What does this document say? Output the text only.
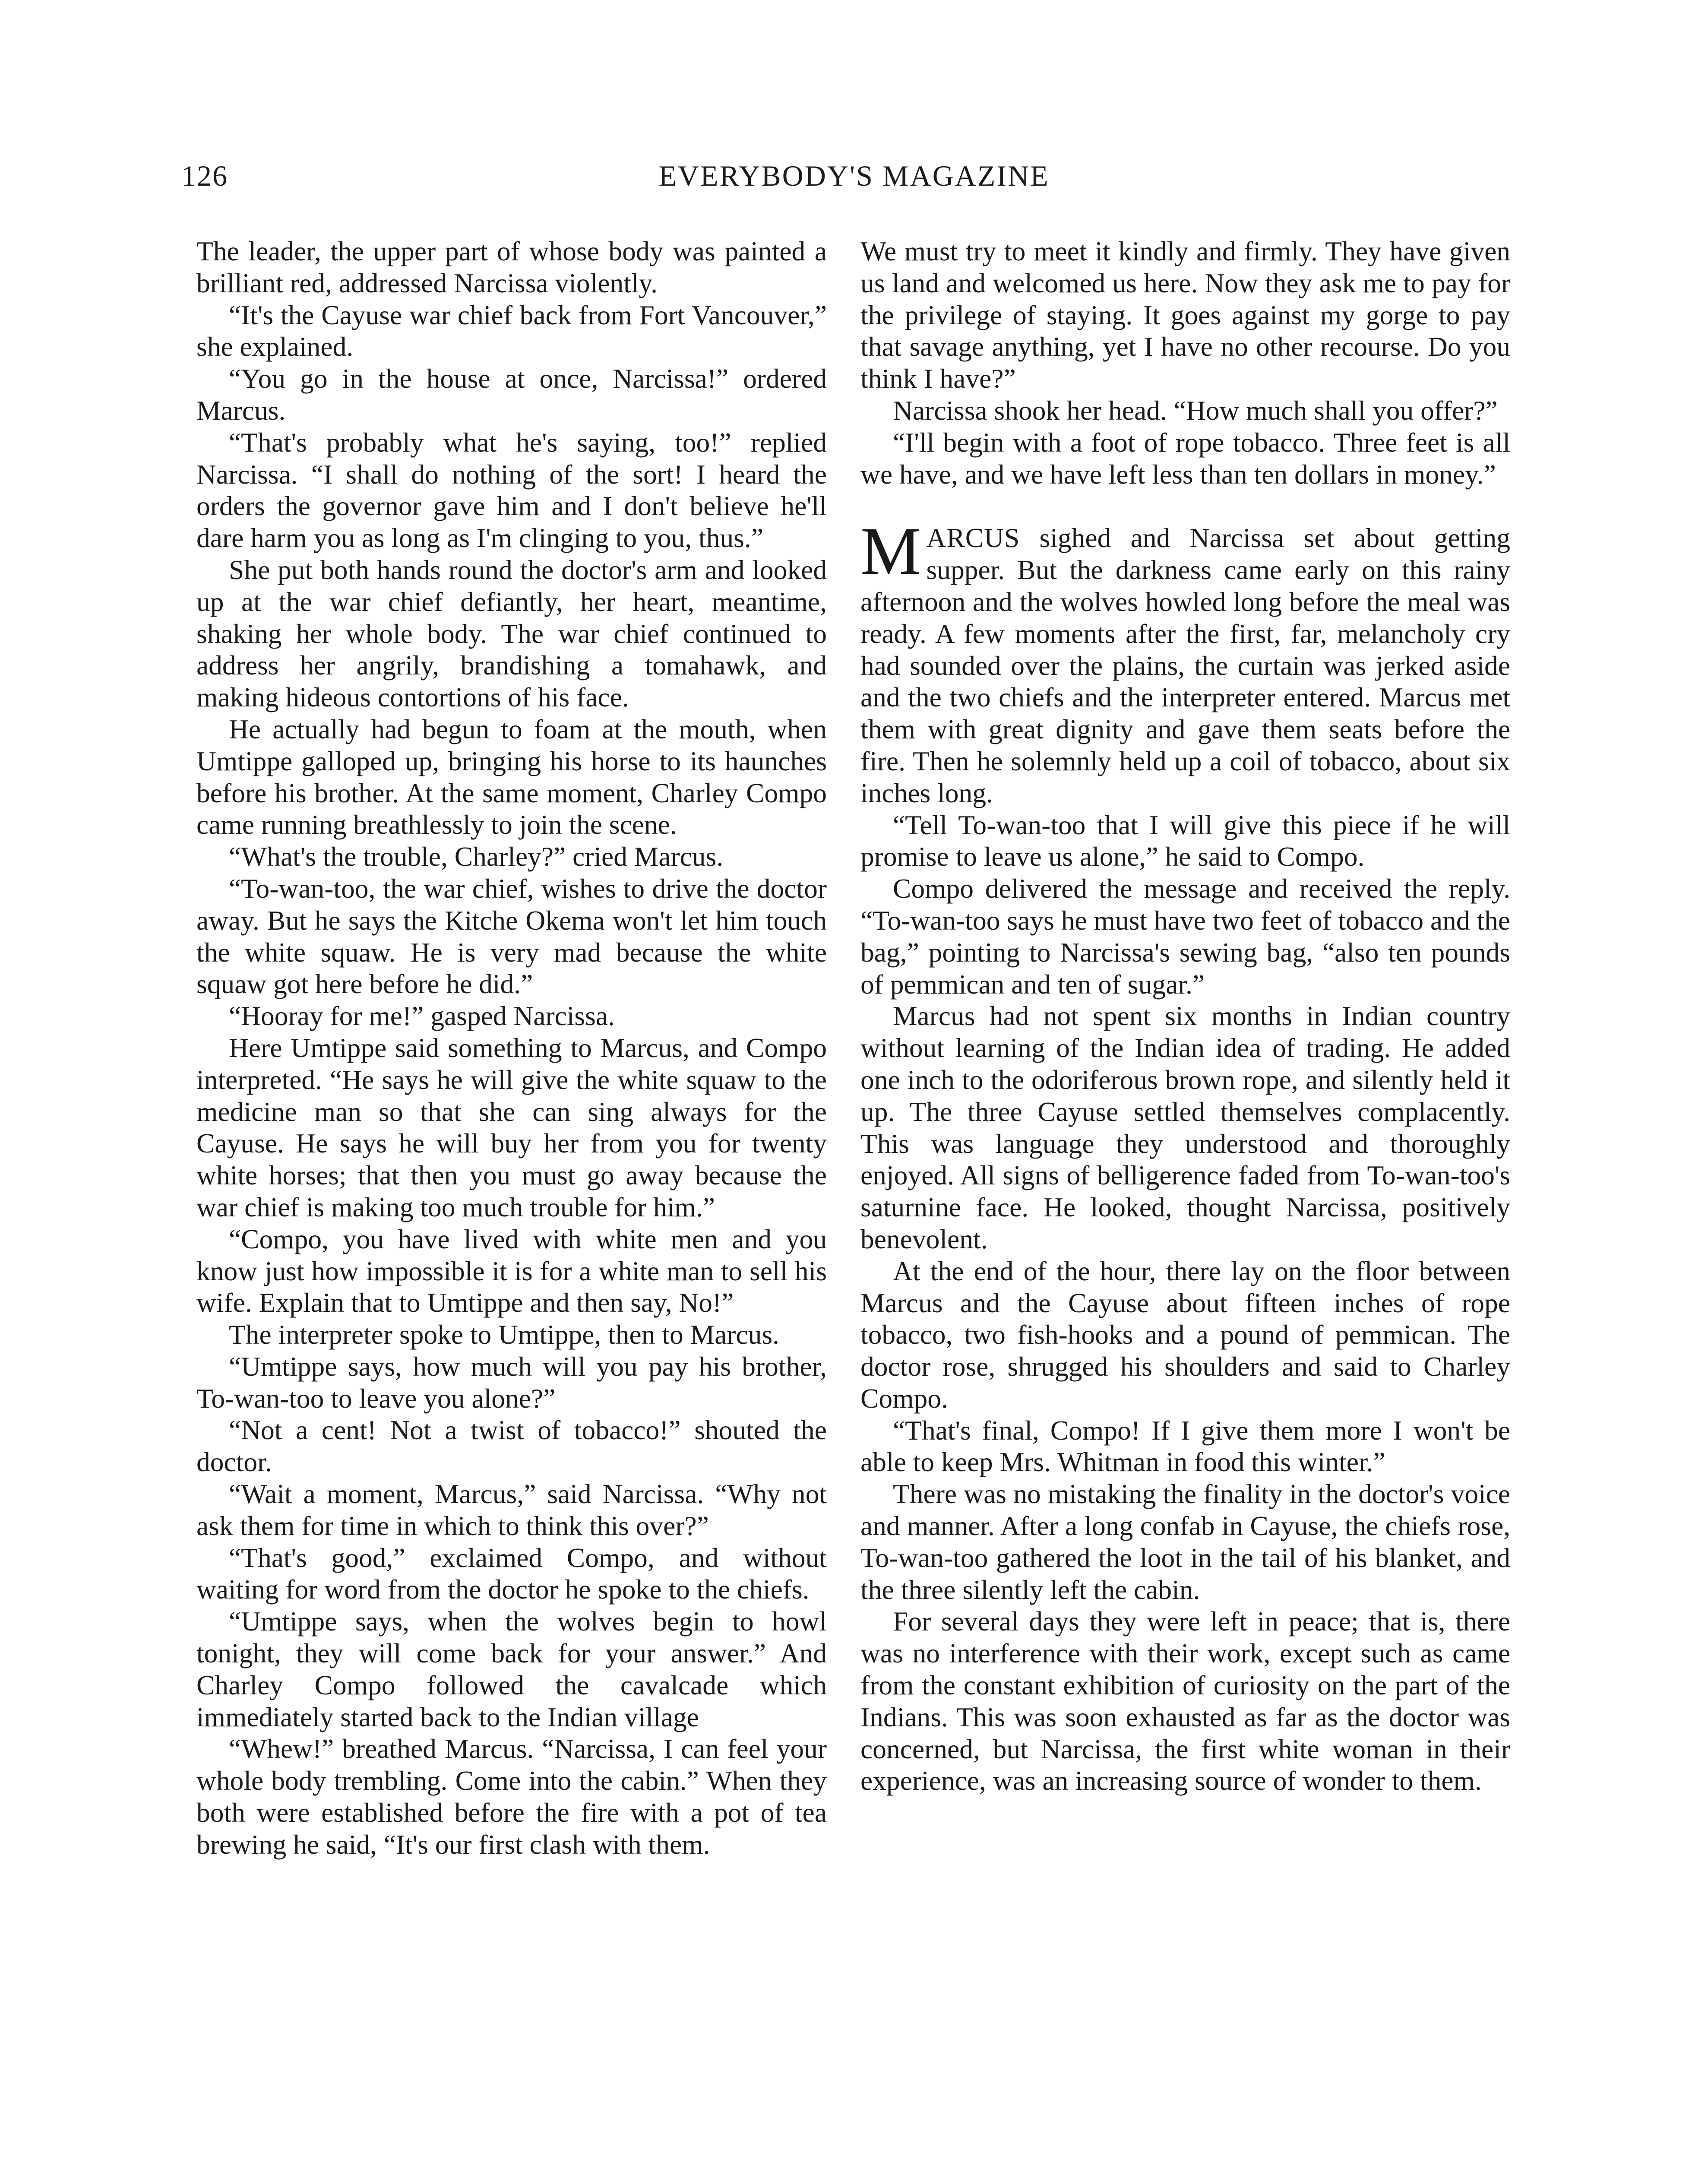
126	EVERYBODY'S MAGAZINE

The leader, the upper part of whose body was painted a brilliant red, addressed Narcissa violently.

“It's the Cayuse war chief back from Fort Vancouver,” she explained.

“You go in the house at once, Narcissa!” ordered Marcus.

“That's probably what he's saying, too!” replied Narcissa. “I shall do nothing of the sort! I heard the orders the governor gave him and I don't believe he'll dare harm you as long as I'm clinging to you, thus.”

She put both hands round the doctor's arm and looked up at the war chief defiantly, her heart, meantime, shaking her whole body. The war chief continued to address her angrily, brandishing a tomahawk, and making hideous contortions of his face.

He actually had begun to foam at the mouth, when Umtippe galloped up, bringing his horse to its haunches before his brother. At the same moment, Charley Compo came running breathlessly to join the scene.

“What's the trouble, Charley?” cried Marcus.

“To-wan-too, the war chief, wishes to drive the doctor away. But he says the Kitche Okema won't let him touch the white squaw. He is very mad because the white squaw got here before he did.”

“Hooray for me!” gasped Narcissa.

Here Umtippe said something to Marcus, and Compo interpreted. “He says he will give the white squaw to the medicine man so that she can sing always for the Cayuse. He says he will buy her from you for twenty white horses; that then you must go away because the war chief is making too much trouble for him.”

“Compo, you have lived with white men and you know just how impossible it is for a white man to sell his wife. Explain that to Umtippe and then say, No!”

The interpreter spoke to Umtippe, then to Marcus.

“Umtippe says, how much will you pay his brother, To-wan-too to leave you alone?”

“Not a cent! Not a twist of tobacco!” shouted the doctor.

“Wait a moment, Marcus,” said Narcissa. “Why not ask them for time in which to think this over?”

“That's good,” exclaimed Compo, and without waiting for word from the doctor he spoke to the chiefs.

“Umtippe says, when the wolves begin to howl tonight, they will come back for your answer.” And Charley Compo followed the cavalcade which immediately started back to the Indian village

“Whew!” breathed Marcus. “Narcissa, I can feel your whole body trembling. Come into the cabin.” When they both were established before the fire with a pot of tea brewing he said, “It's our first clash with them.

We must try to meet it kindly and firmly. They have given us land and welcomed us here. Now they ask me to pay for the privilege of staying. It goes against my gorge to pay that savage anything, yet I have no other recourse. Do you think I have?”

Narcissa shook her head. “How much shall you offer?”

“I'll begin with a foot of rope tobacco. Three feet is all we have, and we have left less than ten dollars in money.”

MARCUS sighed and Narcissa set about getting supper. But the darkness came early on this rainy afternoon and the wolves howled long before the meal was ready. A few moments after the first, far, melancholy cry had sounded over the plains, the curtain was jerked aside and the two chiefs and the interpreter entered. Marcus met them with great dignity and gave them seats before the fire. Then he solemnly held up a coil of tobacco, about six inches long.

“Tell To-wan-too that I will give this piece if he will promise to leave us alone,” he said to Compo.

Compo delivered the message and received the reply. “To-wan-too says he must have two feet of tobacco and the bag,” pointing to Narcissa's sewing bag, “also ten pounds of pemmican and ten of sugar.”

Marcus had not spent six months in Indian country without learning of the Indian idea of trading. He added one inch to the odoriferous brown rope, and silently held it up. The three Cayuse settled themselves complacently. This was language they understood and thoroughly enjoyed. All signs of belligerence faded from To-wan-too's saturnine face. He looked, thought Narcissa, positively benevolent.

At the end of the hour, there lay on the floor between Marcus and the Cayuse about fifteen inches of rope tobacco, two fish-hooks and a pound of pemmican. The doctor rose, shrugged his shoulders and said to Charley Compo.

“That's final, Compo! If I give them more I won't be able to keep Mrs. Whitman in food this winter.”

There was no mistaking the finality in the doctor's voice and manner. After a long confab in Cayuse, the chiefs rose, To-wan-too gathered the loot in the tail of his blanket, and the three silently left the cabin.

For several days they were left in peace; that is, there was no interference with their work, except such as came from the constant exhibition of curiosity on the part of the Indians. This was soon exhausted as far as the doctor was concerned, but Narcissa, the first white woman in their experience, was an increasing source of wonder to them.
